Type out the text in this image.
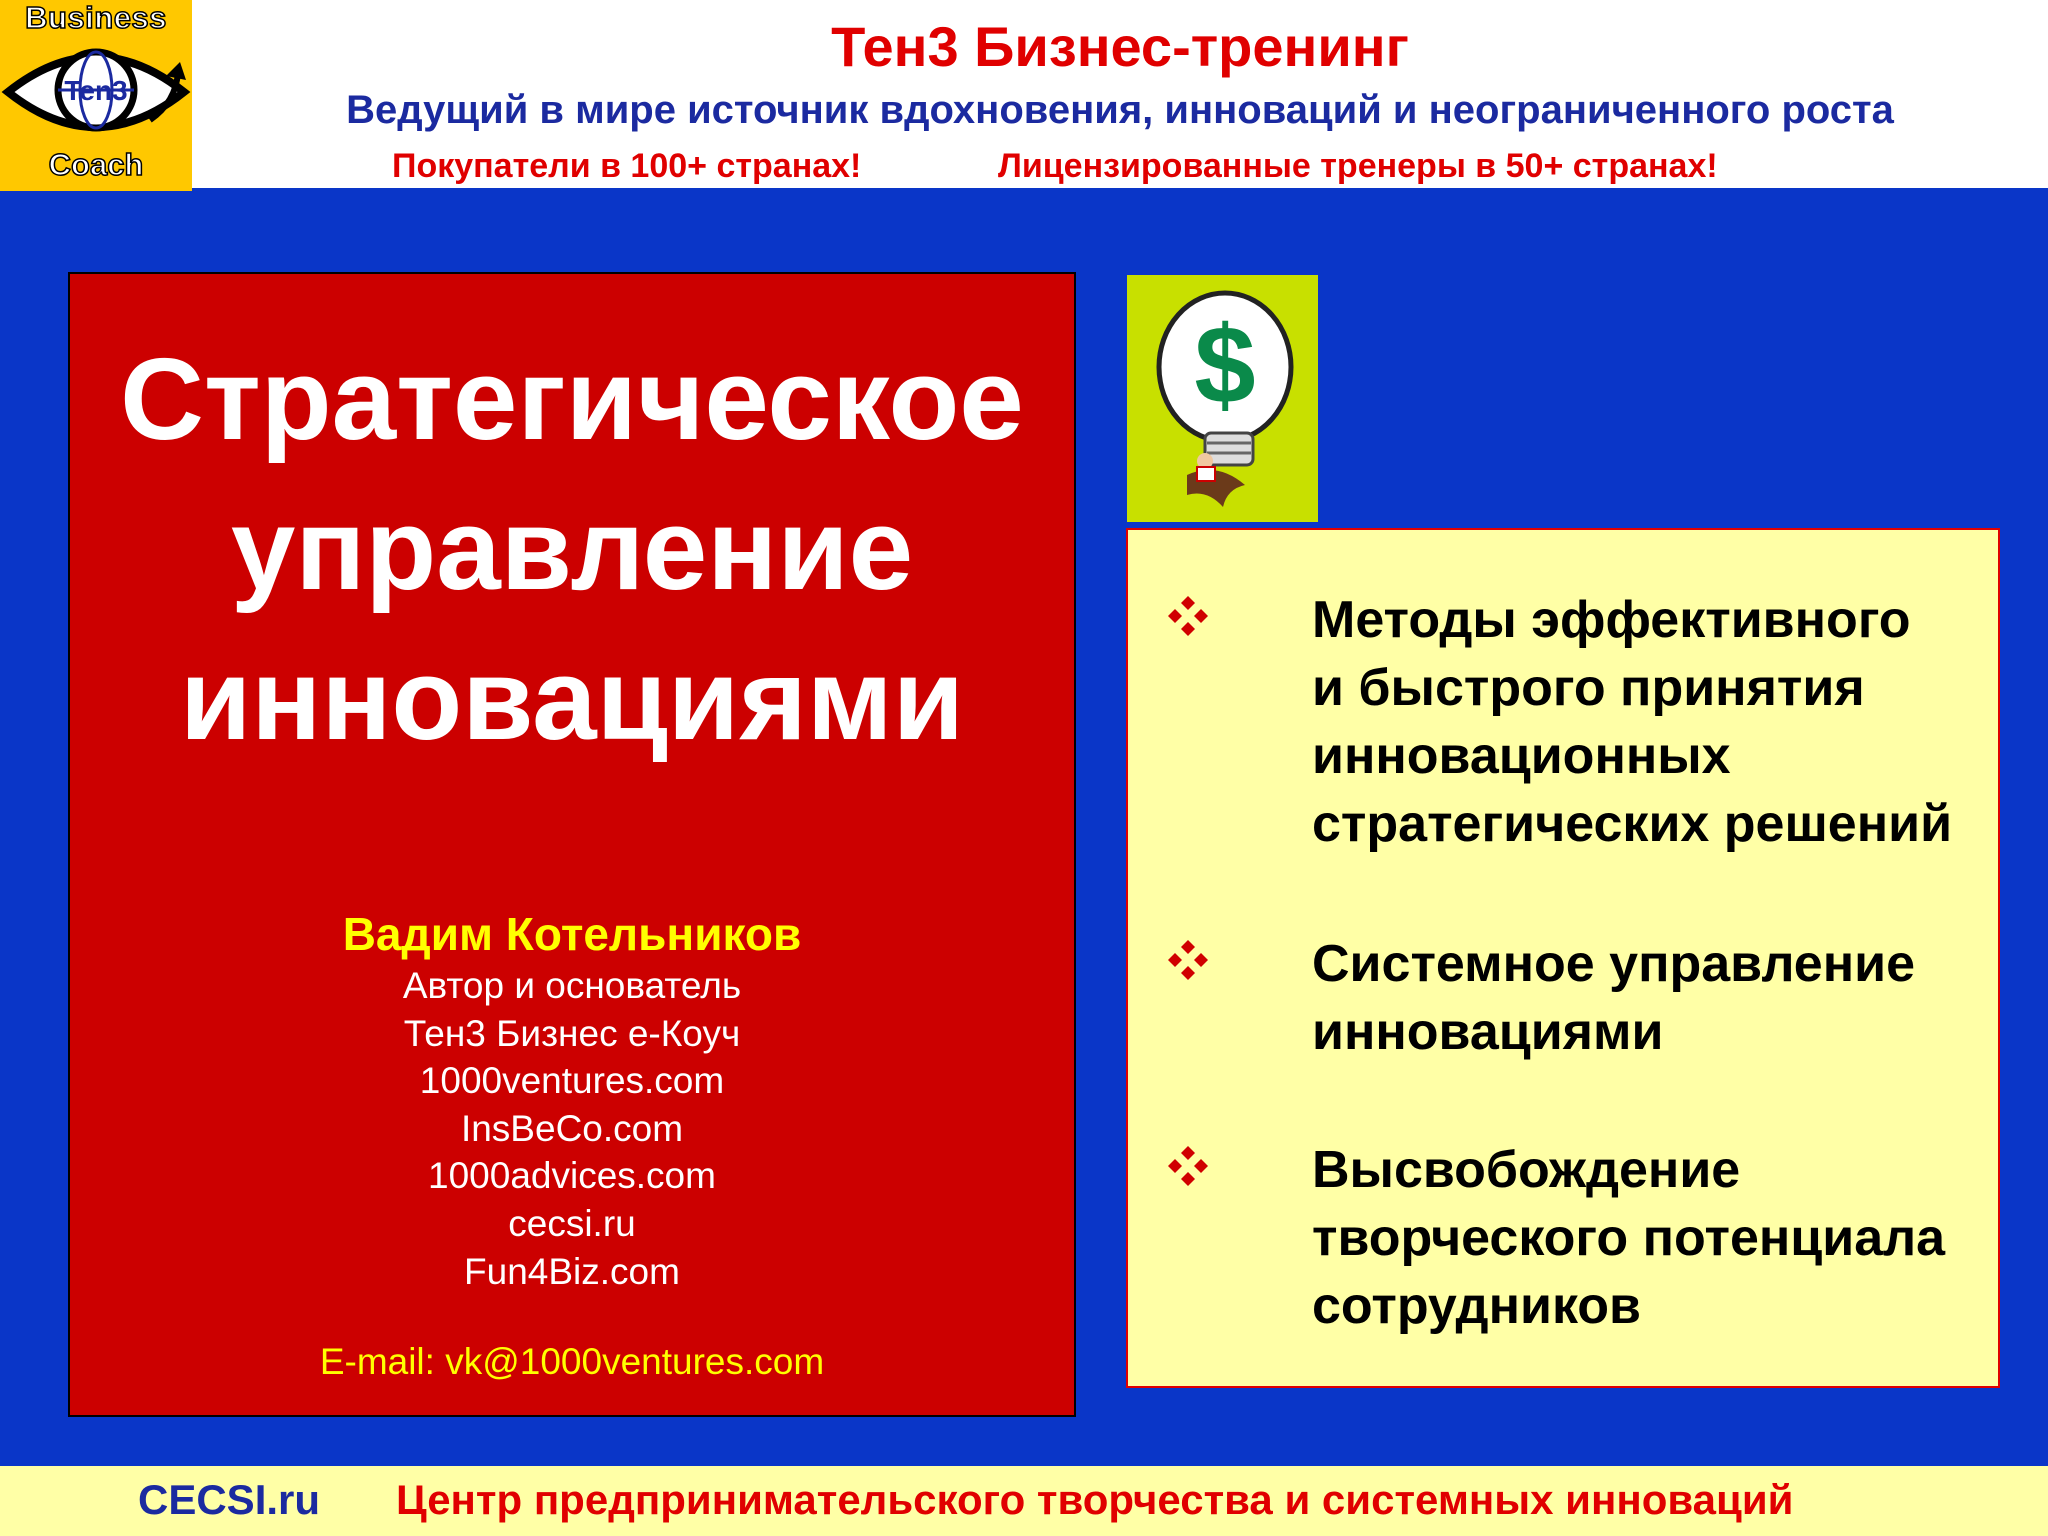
Business
Ten3
Coach
Тен3 Бизнес-тренинг
Ведущий в мире источник вдохновения, инноваций и неограниченного роста
Покупатели в 100+ странах!	Лицензированные тренеры в 50+ странах!
Стратегическое
управление
инновациями
Вадим Котельников
Автор и основатель
Тен3 Бизнес е-Коуч
1000ventures.com
InsBeCo.com
1000advices.com
cecsi.ru
Fun4Biz.com
E-mail: vk@1000ventures.com
$
Методы эффективного
и быстрого принятия
инновационных
стратегических решений
Системное управление
инновациями
Высвобождение
творческого потенциала
сотрудников
CECSI.ru Центр предпринимательского творчества и системных инноваций
